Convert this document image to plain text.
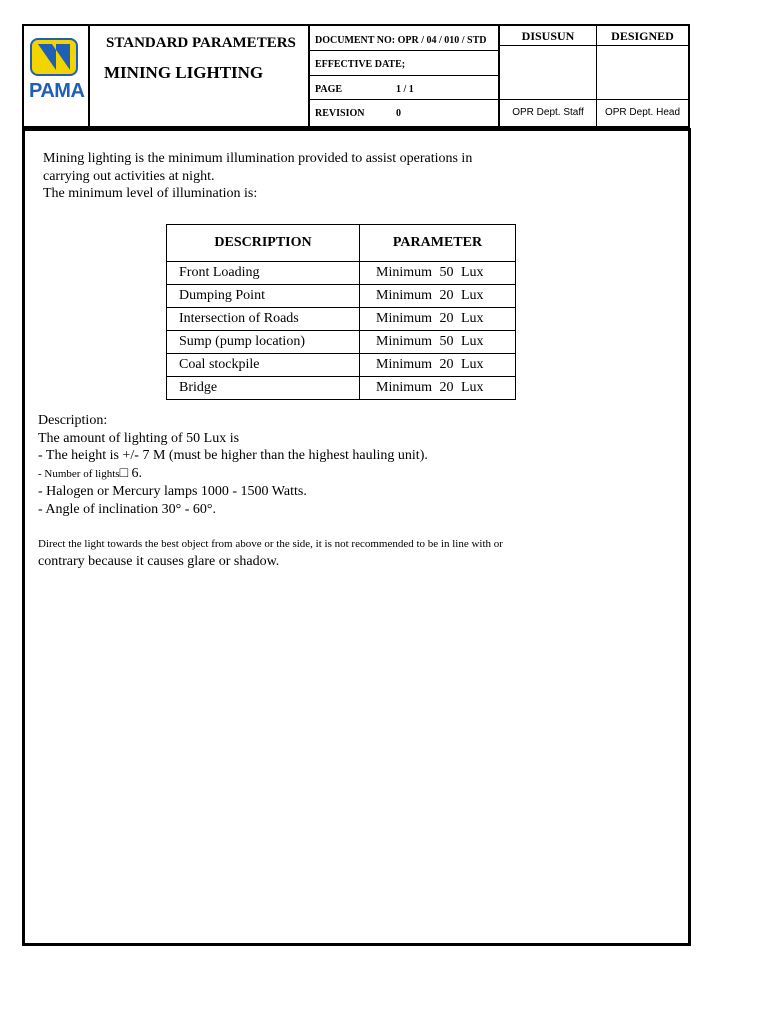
PAMA
STANDARD PARAMETERS
MINING LIGHTING
DOCUMENT NO: OPR / 04 / 010 / STD
EFFECTIVE DATE;
PAGE	1 / 1
REVISION	0
DISUSUN
OPR Dept. Staff
DESIGNED
OPR Dept. Head
Mining lighting is the minimum illumination provided to assist operations in
carrying out activities at night.
The minimum level of illumination is:
DESCRIPTION	PARAMETER
Front Loading	Minimum 50 Lux
Dumping Point	Minimum 20 Lux
Intersection of Roads	Minimum 20 Lux
Sump (pump location)	Minimum 50 Lux
Coal stockpile	Minimum 20 Lux
Bridge	Minimum 20 Lux
Description:
The amount of lighting of 50 Lux is
- The height is +/- 7 M (must be higher than the highest hauling unit).
- Number of lights□ 6.
- Halogen or Mercury lamps 1000 - 1500 Watts.
- Angle of inclination 30° - 60°.
Direct the light towards the best object from above or the side, it is not recommended to be in line with or
contrary because it causes glare or shadow.
